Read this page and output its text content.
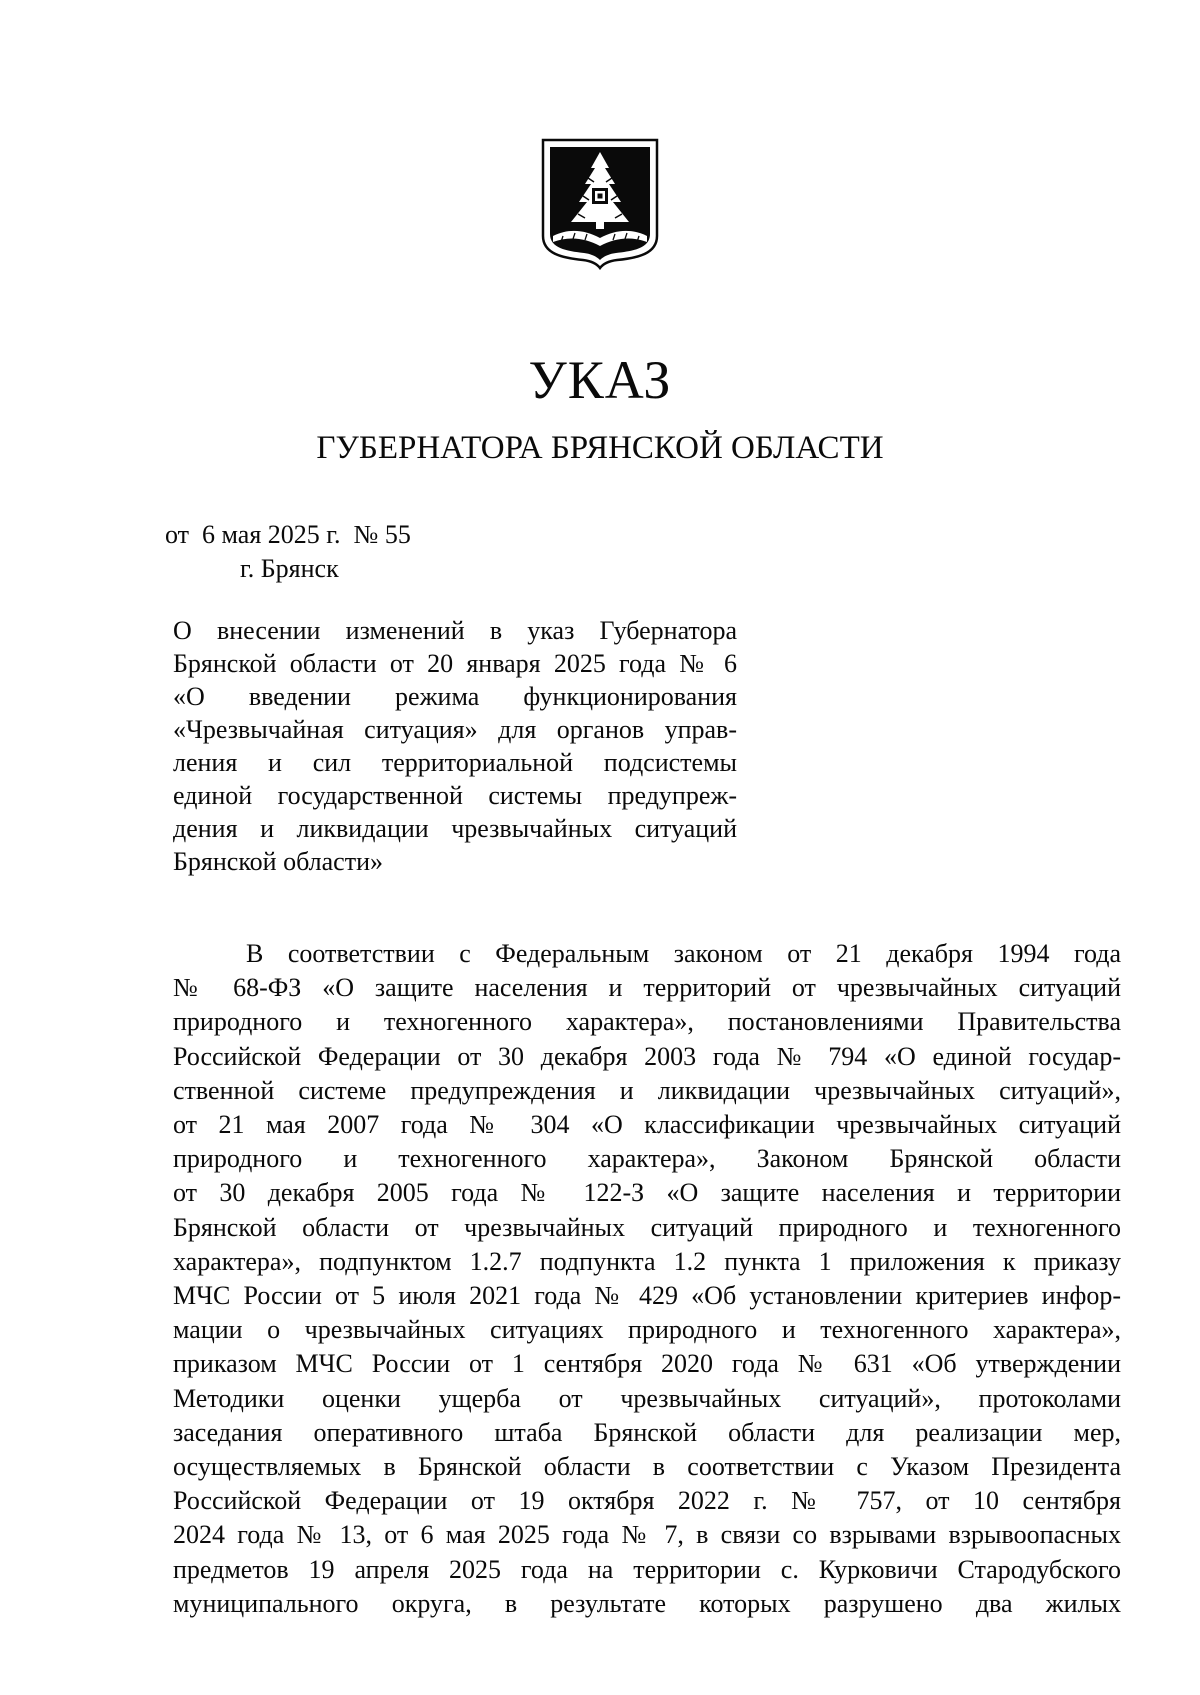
УКАЗ
ГУБЕРНАТОРА БРЯНСКОЙ ОБЛАСТИ
от  6 мая 2025 г.  № 55
г. Брянск
О внесении изменений в указ Губернатора
Брянской области от 20 января 2025 года № 6
«О введении режима функционирования
«Чрезвычайная ситуация» для органов управ-
ления и сил территориальной подсистемы
единой государственной системы предупреж-
дения и ликвидации чрезвычайных ситуаций
Брянской области»
В соответствии с Федеральным законом от 21 декабря 1994 года
№ 68-ФЗ «О защите населения и территорий от чрезвычайных ситуаций
природного и техногенного характера», постановлениями Правительства
Российской Федерации от 30 декабря 2003 года № 794 «О единой государ-
ственной системе предупреждения и ликвидации чрезвычайных ситуаций»,
от 21 мая 2007 года № 304 «О классификации чрезвычайных ситуаций
природного и техногенного характера», Законом Брянской области
от 30 декабря 2005 года № 122-З «О защите населения и территории
Брянской области от чрезвычайных ситуаций природного и техногенного
характера», подпунктом 1.2.7 подпункта 1.2 пункта 1 приложения к приказу
МЧС России от 5 июля 2021 года № 429 «Об установлении критериев инфор-
мации о чрезвычайных ситуациях природного и техногенного характера»,
приказом МЧС России от 1 сентября 2020 года № 631 «Об утверждении
Методики оценки ущерба от чрезвычайных ситуаций», протоколами
заседания оперативного штаба Брянской области для реализации мер,
осуществляемых в Брянской области в соответствии с Указом Президента
Российской Федерации от 19 октября 2022 г. № 757, от 10 сентября
2024 года № 13, от 6 мая 2025 года № 7, в связи со взрывами взрывоопасных
предметов 19 апреля 2025 года на территории с. Курковичи Стародубского
муниципального округа, в результате которых разрушено два жилых
